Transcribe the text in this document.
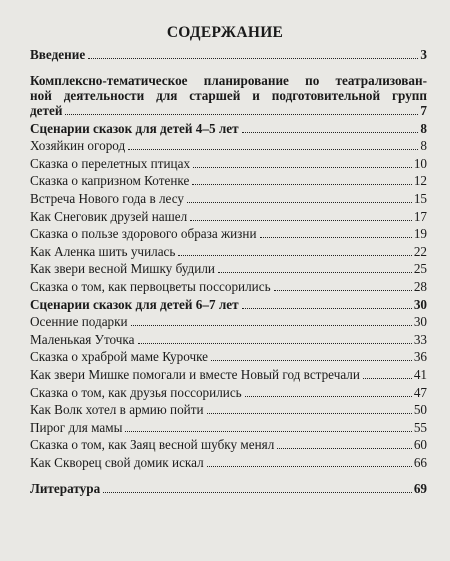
СОДЕРЖАНИЕ
Введение	3
Комплексно-тематическое планирование по театрализован-
ной деятельности для старшей и подготовительной групп
детей	7
Сценарии сказок для детей 4–5 лет	8
Хозяйкин огород	8
Сказка о перелетных птицах	10
Сказка о капризном Котенке	12
Встреча Нового года в лесу	15
Как Снеговик друзей нашел	17
Сказка о пользе здорового образа жизни	19
Как Аленка шить училась	22
Как звери весной Мишку будили	25
Сказка о том, как первоцветы поссорились	28
Сценарии сказок для детей 6–7 лет	30
Осенние подарки	30
Маленькая Уточка	33
Сказка о храброй маме Курочке	36
Как звери Мишке помогали и вместе Новый год встречали	41
Сказка о том, как друзья поссорились	47
Как Волк хотел в армию пойти	50
Пирог для мамы	55
Сказка о том, как Заяц весной шубку менял	60
Как Скворец свой домик искал	66
Литература	69
